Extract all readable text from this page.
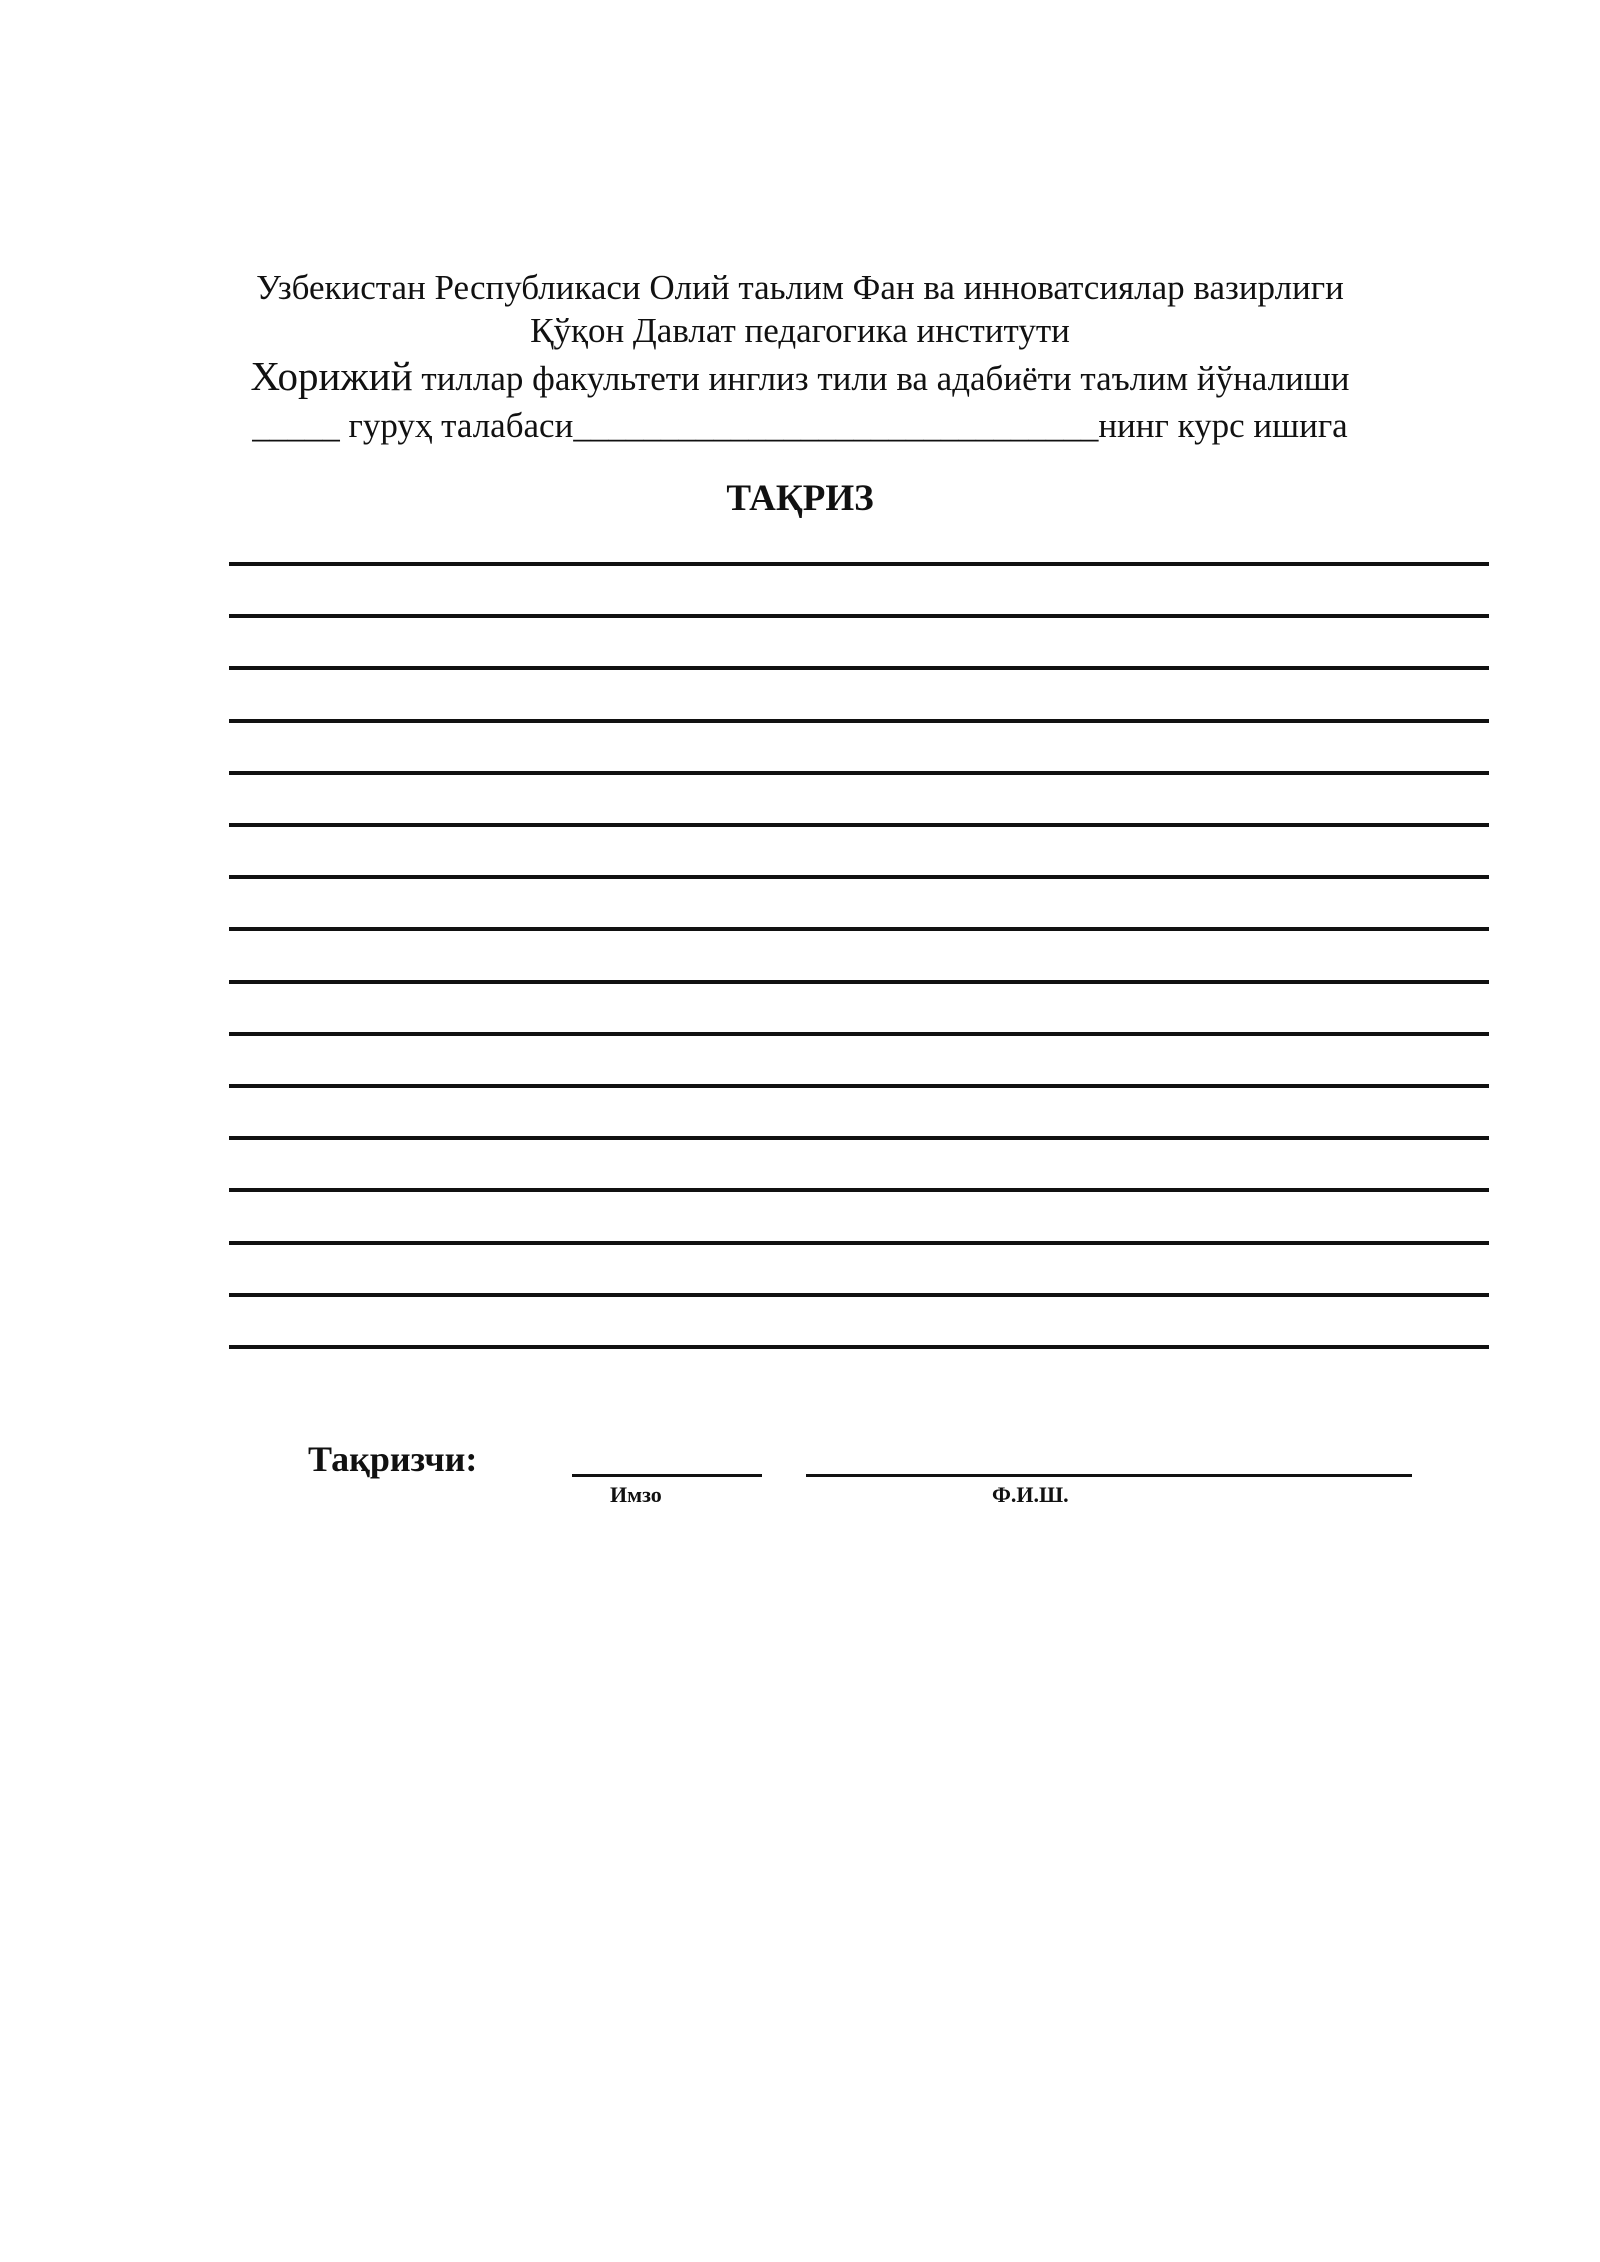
Узбекистан Республикаси Олий таьлим Фан ва инноватсиялар вазирлиги
Қўқон Давлат педагогика институти
Хорижий тиллар факультети инглиз тили ва адабиёти таълим йўналиши
_____ гуруҳ талабаси______________________________нинг курс ишига
ТАҚРИЗ
Тақризчи:
Имзо	Ф.И.Ш.
